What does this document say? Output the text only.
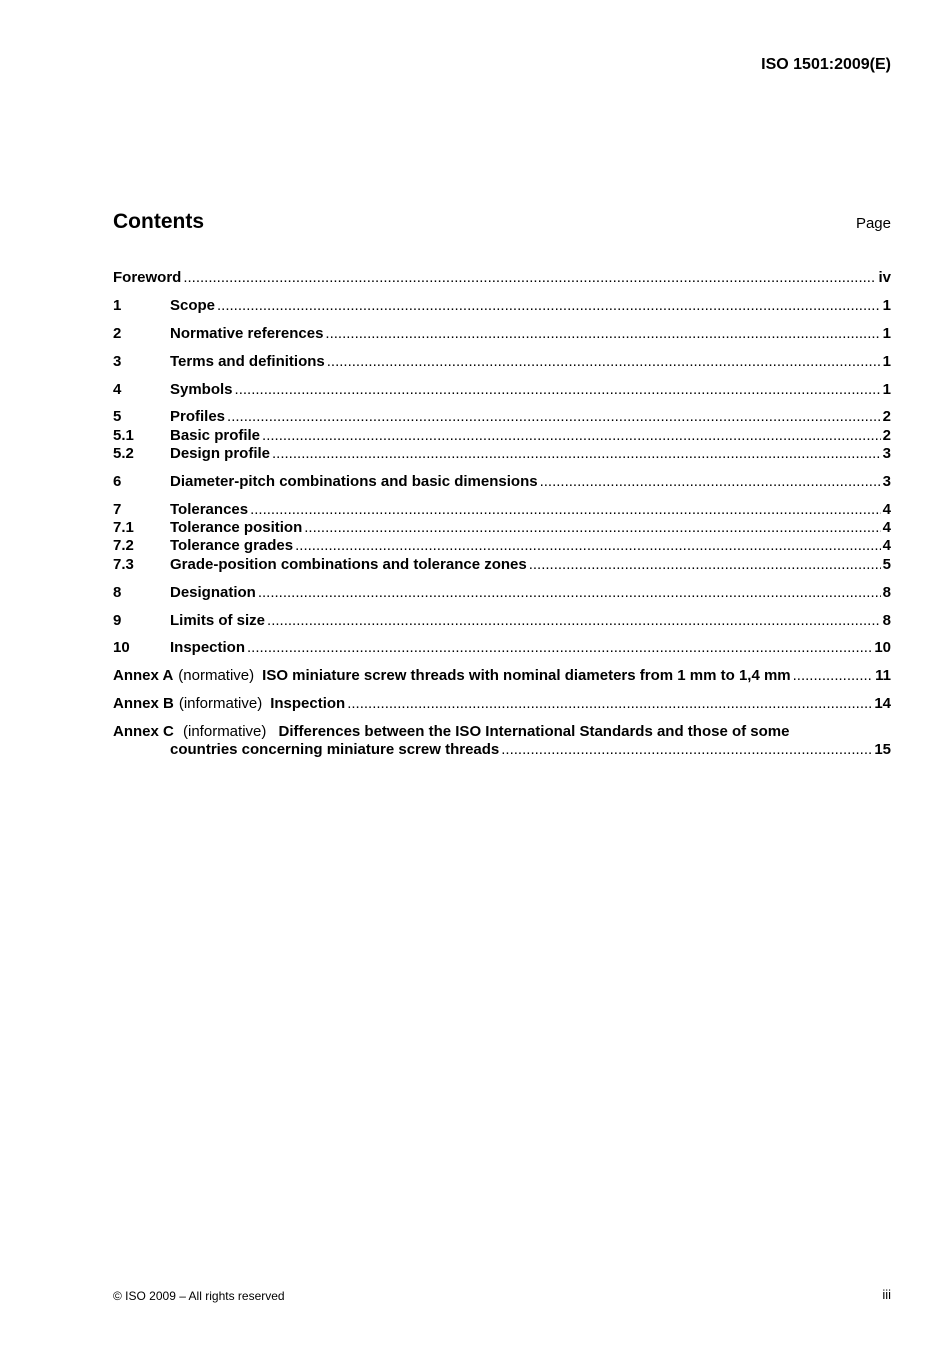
ISO 1501:2009(E)
Contents	Page
Foreword .....	iv
1	Scope .....	1
2	Normative references .....	1
3	Terms and definitions .....	1
4	Symbols .....	1
5	Profiles .....	2
5.1	Basic profile .....	2
5.2	Design profile .....	3
6	Diameter-pitch combinations and basic dimensions .....	3
7	Tolerances .....	4
7.1	Tolerance position .....	4
7.2	Tolerance grades .....	4
7.3	Grade-position combinations and tolerance zones .....	5
8	Designation .....	8
9	Limits of size .....	8
10	Inspection .....	10
Annex A (normative) ISO miniature screw threads with nominal diameters from 1 mm to 1,4 mm .....	11
Annex B (informative) Inspection .....	14
Annex C (informative) Differences between the ISO International Standards and those of some
countries concerning miniature screw threads .....	15
© ISO 2009 – All rights reserved	iii
